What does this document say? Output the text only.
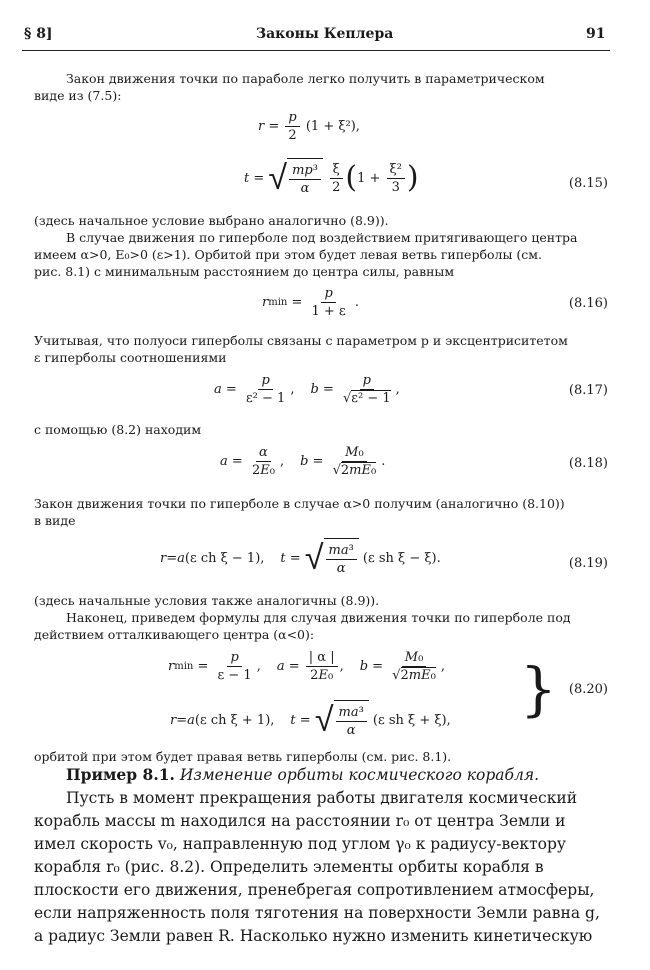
§ 8]	Законы Кеплера	91
Закон движения точки по параболе легко получить в параметрическом
виде из (7.5):
$r = \frac{p}{2} (1 + \xi^2)$,
t = √ $\frac{\text{mp³}}{\alpha}$
$\frac{\xi}{2}$ ( $1 + \frac{\text{ξ²}}{3}$ )	(8.15)
(здесь начальное условие выбрано аналогично (8.9)).
В случае движения по гиперболе под воздействием притягивающего центра
имеем α>0, E₀>0 (ε>1). Орбитой при этом будет левая ветвь гиперболы (см.
рис. 8.1) с минимальным расстоянием до центра силы, равным
r $\min = \frac{p}{1 + \varepsilon}$ .	(8.16)
Учитывая, что полуоси гиперболы связаны с параметром p и эксцентриситетом
ε гиперболы соотношениями
$a = \frac{p}{\text{ε² − 1}}$ , $b = \frac{p}{\text{√ε² − 1}}$ ,	(8.17)
с помощью (8.2) находим
$a = \frac{\alpha}{\text{2E₀}}$ , $b = \frac{\text{M₀}}{\text{√2mE₀}}$ .	(8.18)
Закон движения точки по гиперболе в случае α>0 получим (аналогично (8.10))
в виде
r = a (ε ch ξ − 1), t = √ $\frac{\text{ma³}}{\alpha} (\varepsilon$ sh ξ − ξ).	(8.19)
(здесь начальные условия также аналогичны (8.9)).
Наконец, приведем формулы для случая движения точки по гиперболе под
действием отталкивающего центра (α<0):
r $\min = \frac{p}{\varepsilon - 1}$ , $a = \frac{| \alpha |}{\text{2E₀}}$ , $b = \frac{\text{M₀}}{\text{√2mE₀}}$ ,
r = a (ε ch ξ + 1), t = √ $\frac{\text{ma³}}{\alpha} (\varepsilon$ sh ξ + ξ), } (8.20)
орбитой при этом будет правая ветвь гиперболы (см. рис. 8.1).
Пример 8.1. Изменение орбиты космического корабля.
Пусть в момент прекращения работы двигателя космический
корабль массы m находился на расстоянии r₀ от центра Земли и
имел скорость v₀, направленную под углом γ₀ к радиусу-вектору
корабля r₀ (рис. 8.2). Определить элементы орбиты корабля в
плоскости его движения, пренебрегая сопротивлением атмосферы,
если напряженность поля тяготения на поверхности Земли равна g,
а радиус Земли равен R. Насколько нужно изменить кинетическую
